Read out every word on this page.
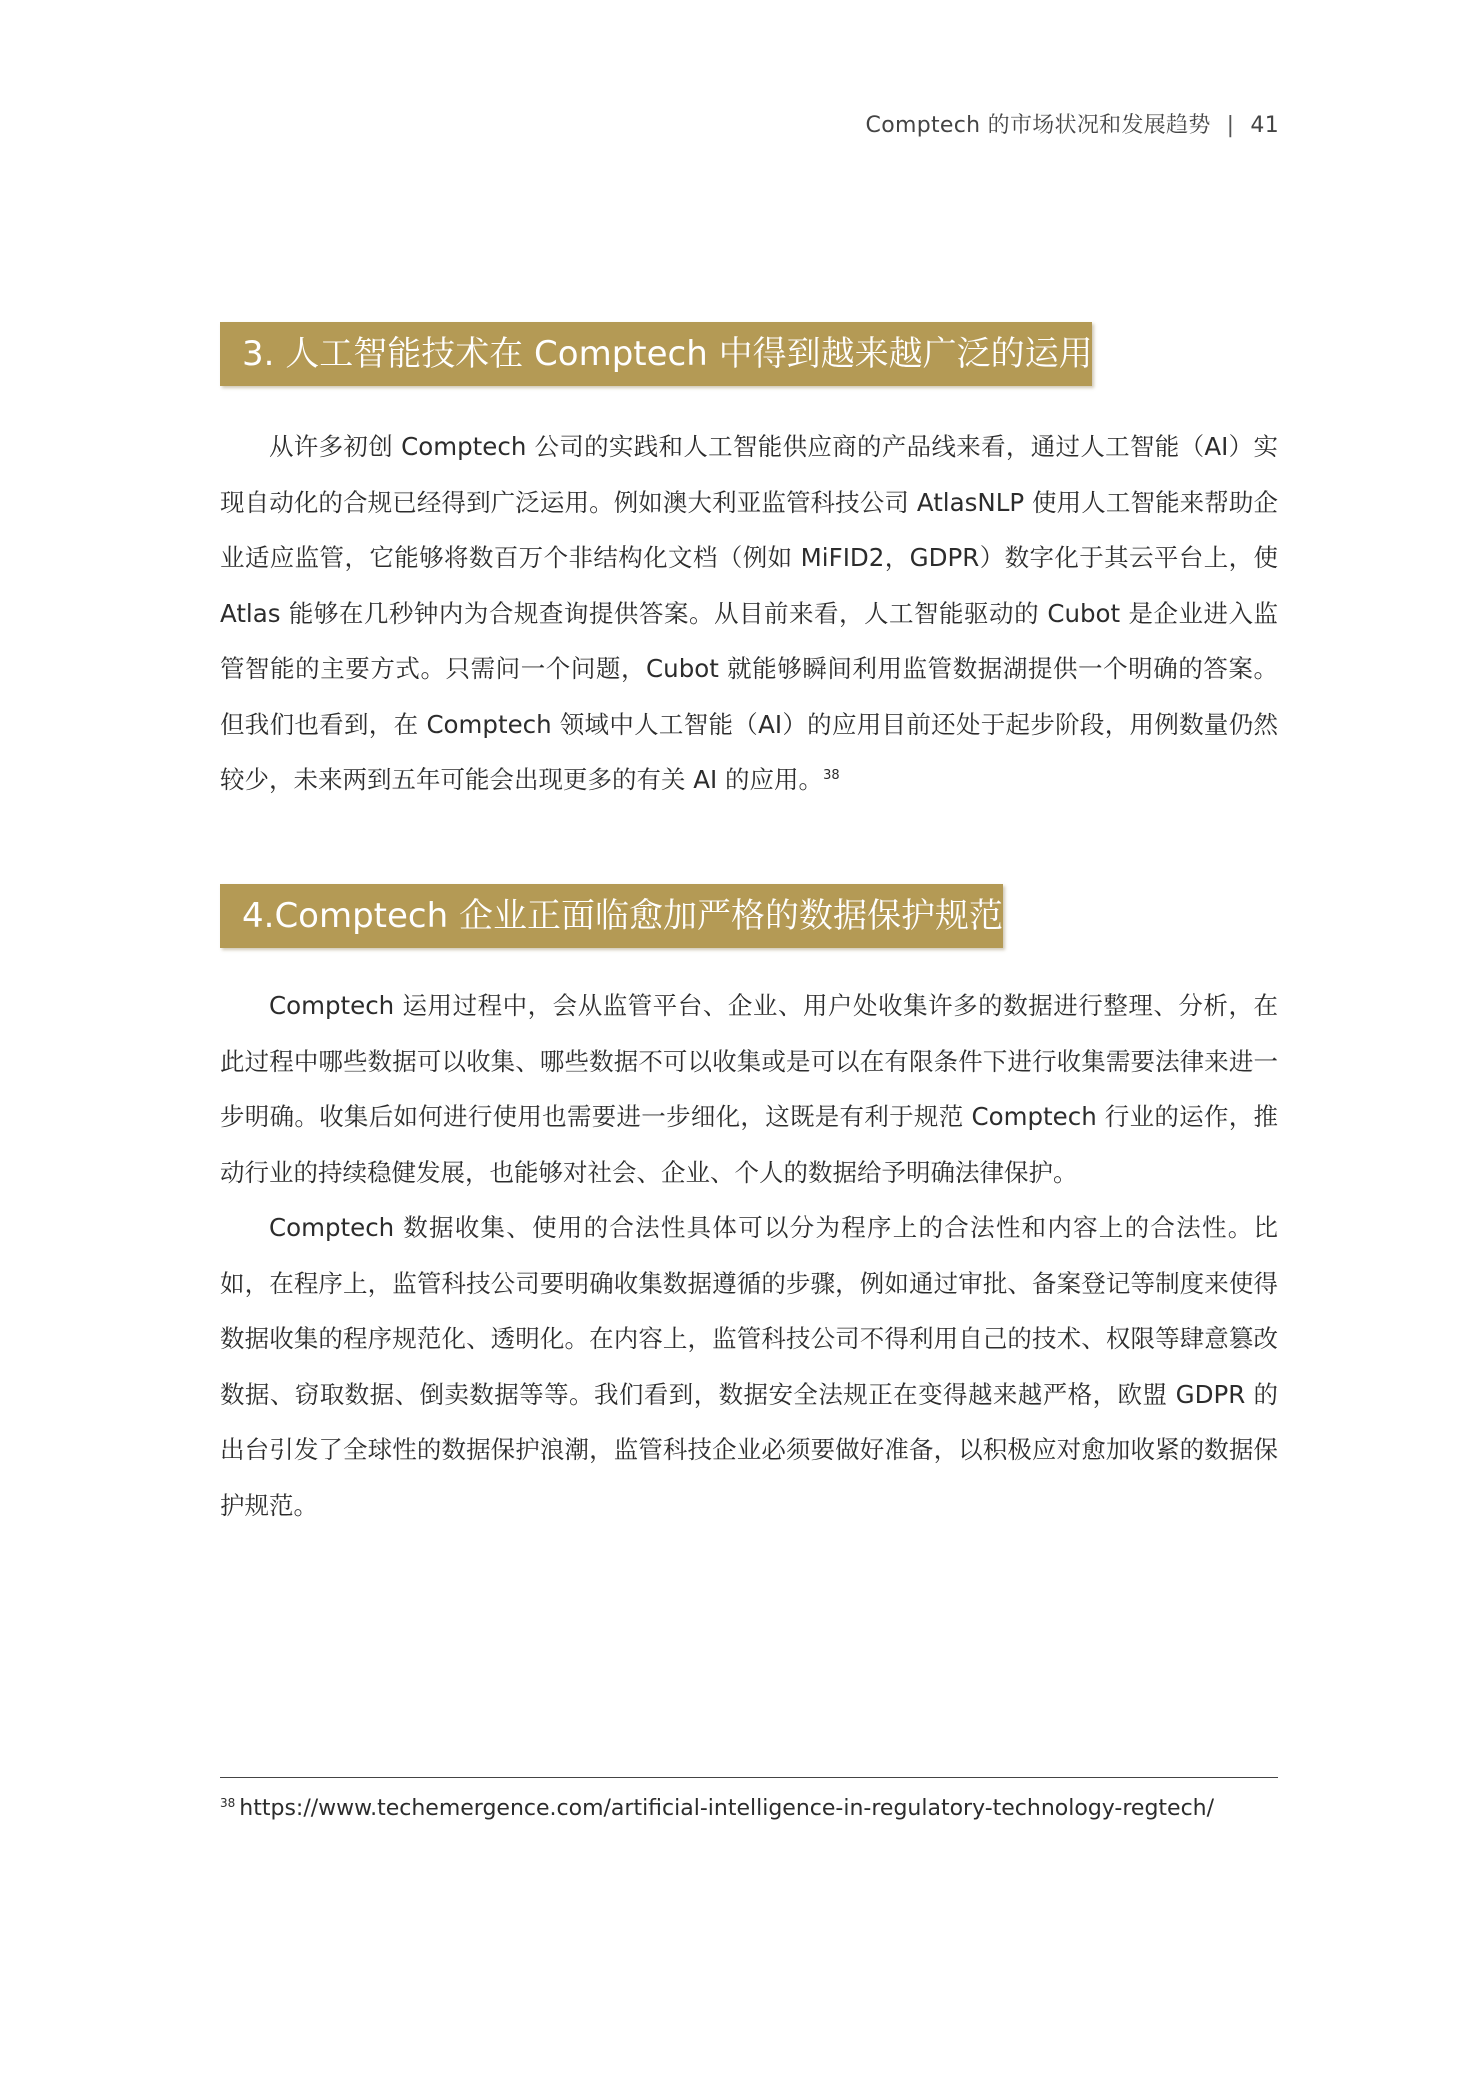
Comptech 的市场状况和发展趋势 | 41
3. 人工智能技术在 Comptech 中得到越来越广泛的运用

从许多初创 Comptech 公司的实践和人工智能供应商的产品线来看，通过人工智能（AI）实现自动化的合规已经得到广泛运用。例如澳大利亚监管科技公司 AtlasNLP 使用人工智能来帮助企业适应监管，它能够将数百万个非结构化文档（例如 MiFID2，GDPR）数字化于其云平台上，使 Atlas 能够在几秒钟内为合规查询提供答案。从目前来看，人工智能驱动的 Cubot 是企业进入监管智能的主要方式。只需问一个问题，Cubot 就能够瞬间利用监管数据湖提供一个明确的答案。但我们也看到，在 Comptech 领域中人工智能（AI）的应用目前还处于起步阶段，用例数量仍然较少，未来两到五年可能会出现更多的有关 AI 的应用。$^{38}$

4.Comptech 企业正面临愈加严格的数据保护规范

Comptech 运用过程中，会从监管平台、企业、用户处收集许多的数据进行整理、分析，在此过程中哪些数据可以收集、哪些数据不可以收集或是可以在有限条件下进行收集需要法律来进一步明确。收集后如何进行使用也需要进一步细化，这既是有利于规范 Comptech 行业的运作，推动行业的持续稳健发展，也能够对社会、企业、个人的数据给予明确法律保护。

Comptech 数据收集、使用的合法性具体可以分为程序上的合法性和内容上的合法性。比如，在程序上，监管科技公司要明确收集数据遵循的步骤，例如通过审批、备案登记等制度来使得数据收集的程序规范化、透明化。在内容上，监管科技公司不得利用自己的技术、权限等肆意篡改数据、窃取数据、倒卖数据等等。我们看到，数据安全法规正在变得越来越严格，欧盟 GDPR 的出台引发了全球性的数据保护浪潮，监管科技企业必须要做好准备，以积极应对愈加收紧的数据保护规范。

$^{38}$ https://www.techemergence.com/artificial-intelligence-in-regulatory-technology-regtech/
